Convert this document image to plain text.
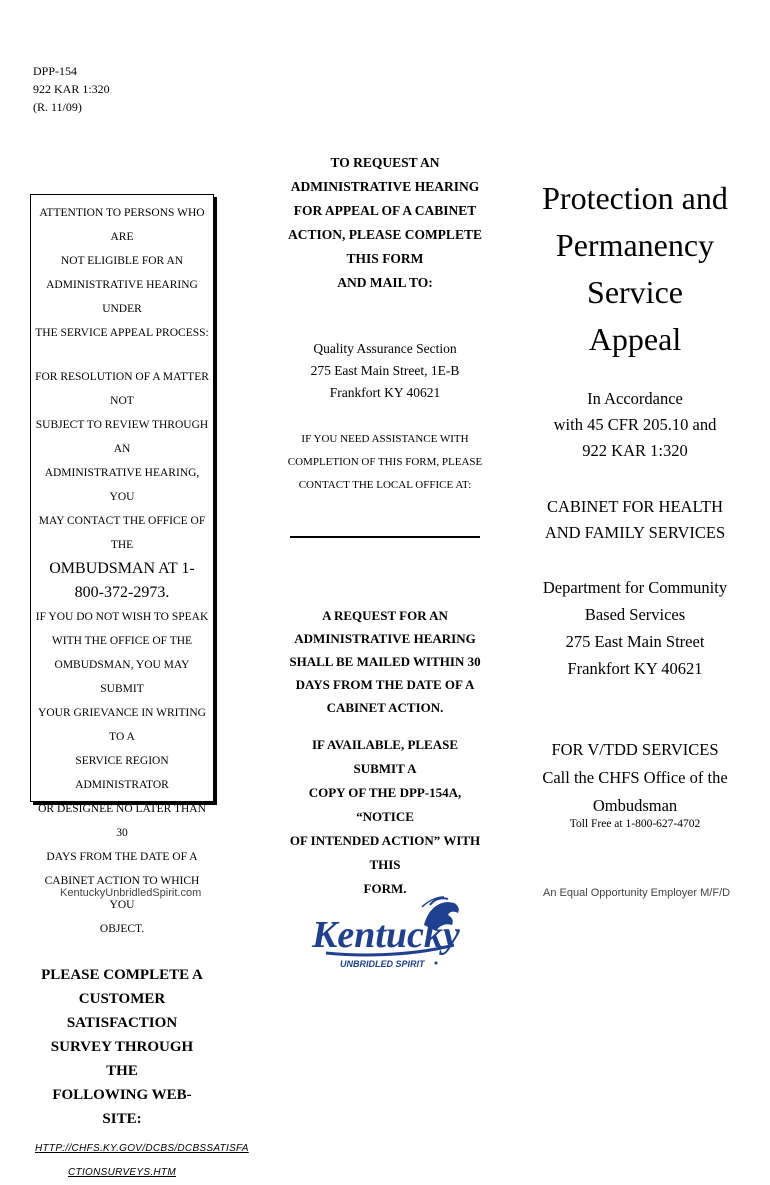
DPP-154
922 KAR 1:320
(R. 11/09)
ATTENTION TO PERSONS WHO ARE
NOT ELIGIBLE FOR AN
ADMINISTRATIVE HEARING UNDER
THE SERVICE APPEAL PROCESS:
FOR RESOLUTION OF A MATTER NOT
SUBJECT TO REVIEW THROUGH AN
ADMINISTRATIVE HEARING, YOU
MAY CONTACT THE OFFICE OF THE
OMBUDSMAN AT 1-800-372-2973.
IF YOU DO NOT WISH TO SPEAK
WITH THE OFFICE OF THE
OMBUDSMAN, YOU MAY SUBMIT
YOUR GRIEVANCE IN WRITING TO A
SERVICE REGION ADMINISTRATOR
OR DESIGNEE NO LATER THAN 30
DAYS FROM THE DATE OF A
CABINET ACTION TO WHICH YOU
OBJECT.
PLEASE COMPLETE A
CUSTOMER SATISFACTION
SURVEY THROUGH THE
FOLLOWING WEB-SITE:
HTTP://CHFS.KY.GOV/DCBS/DCBSSATISFA
CTIONSURVEYS.HTM
KentuckyUnbridledSpirit.com
TO REQUEST AN
ADMINISTRATIVE HEARING
FOR APPEAL OF A CABINET
ACTION, PLEASE COMPLETE
THIS FORM
AND MAIL TO:
Quality Assurance Section
275 East Main Street, 1E-B
Frankfort KY 40621
IF YOU NEED ASSISTANCE WITH
COMPLETION OF THIS FORM, PLEASE
CONTACT THE LOCAL OFFICE AT:
A REQUEST FOR AN
ADMINISTRATIVE HEARING
SHALL BE MAILED WITHIN 30
DAYS FROM THE DATE OF A
CABINET ACTION.
IF AVAILABLE, PLEASE SUBMIT A
COPY OF THE DPP-154A, “NOTICE
OF INTENDED ACTION” WITH THIS
FORM.
Protection and
Permanency
Service
Appeal
In Accordance
with 45 CFR 205.10 and
922 KAR 1:320
CABINET FOR HEALTH
AND FAMILY SERVICES
Department for Community
Based Services
275 East Main Street
Frankfort KY 40621
FOR V/TDD SERVICES
Call the CHFS Office of the
Ombudsman
Toll Free at 1-800-627-4702
An Equal Opportunity Employer M/F/D
Kentucky
UNBRIDLED SPIRIT
